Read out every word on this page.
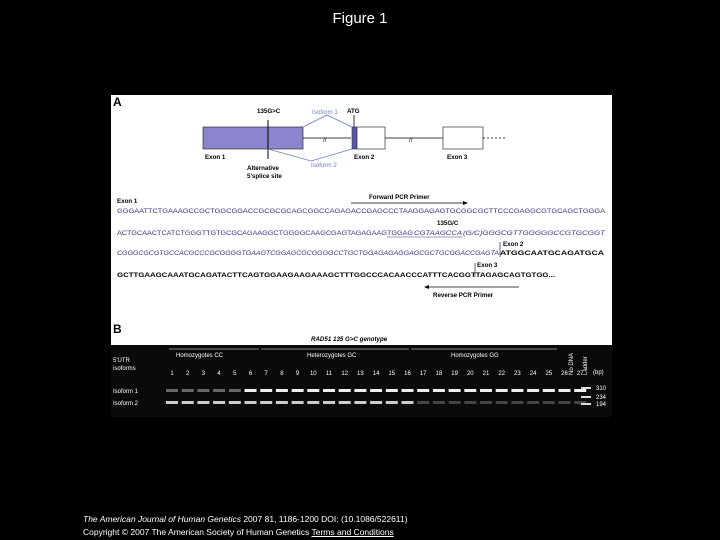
Figure 1
A
135G>C
//	//
Isoform 1
Isoform 2
ATG
Exon 1	Exon 2	Exon 3
Alternative
5'splice site
Exon 1
Forward PCR Primer
GGGAATTCTGAAAGCCGCTGGCGGACCGCGCGCAGCGGCCAGAGACCGAGCCCTAAGGAGAGTGCGGCGCTTCCCGAGGCGTGCAGCTGGGA
135G/C
ACTGCAACTCATCTGGGTTGTGCGCAGAAGGCTGGGGCAAGCGAGTAGAGAAGTGGAG CGTAAGCCA (G/C)GGGCGTTGGGGGCCGTGCGGT
CGGGCGCGTGCCACGCCCGCGGGGTGAAGTCGGAGCGCGGGGCCTGCTGGAGAGAGGAGCGCTGCGGACCGAGTA ATGGCAATGCAGATGCA
Exon 2
Exon 3
GCTTGAAGCAAATGCAGATACTTCAGTGGAAGAAGAAAGCTTTGGCCCACAACCCATTTCACGGTTAGAGCAGTGTGG...
Reverse PCR Primer
B
RAD51 135 G>C genotype
Homozygotes CC	Heterozygotes GC	Homozygotes GG
5'UTR
isoforms	No DNA Ladder (bp)
Isoform 1
Isoform 2
1 2 3 4 5 6 7 8 9 10 11 12 13 14 15 16 17 18 19 20 21 22 23 24 25 26 27
310
234
194
The American Journal of Human Genetics 2007 81, 1186-1200 DOI: (10.1086/522611)
Copyright © 2007 The American Society of Human Genetics Terms and Conditions
